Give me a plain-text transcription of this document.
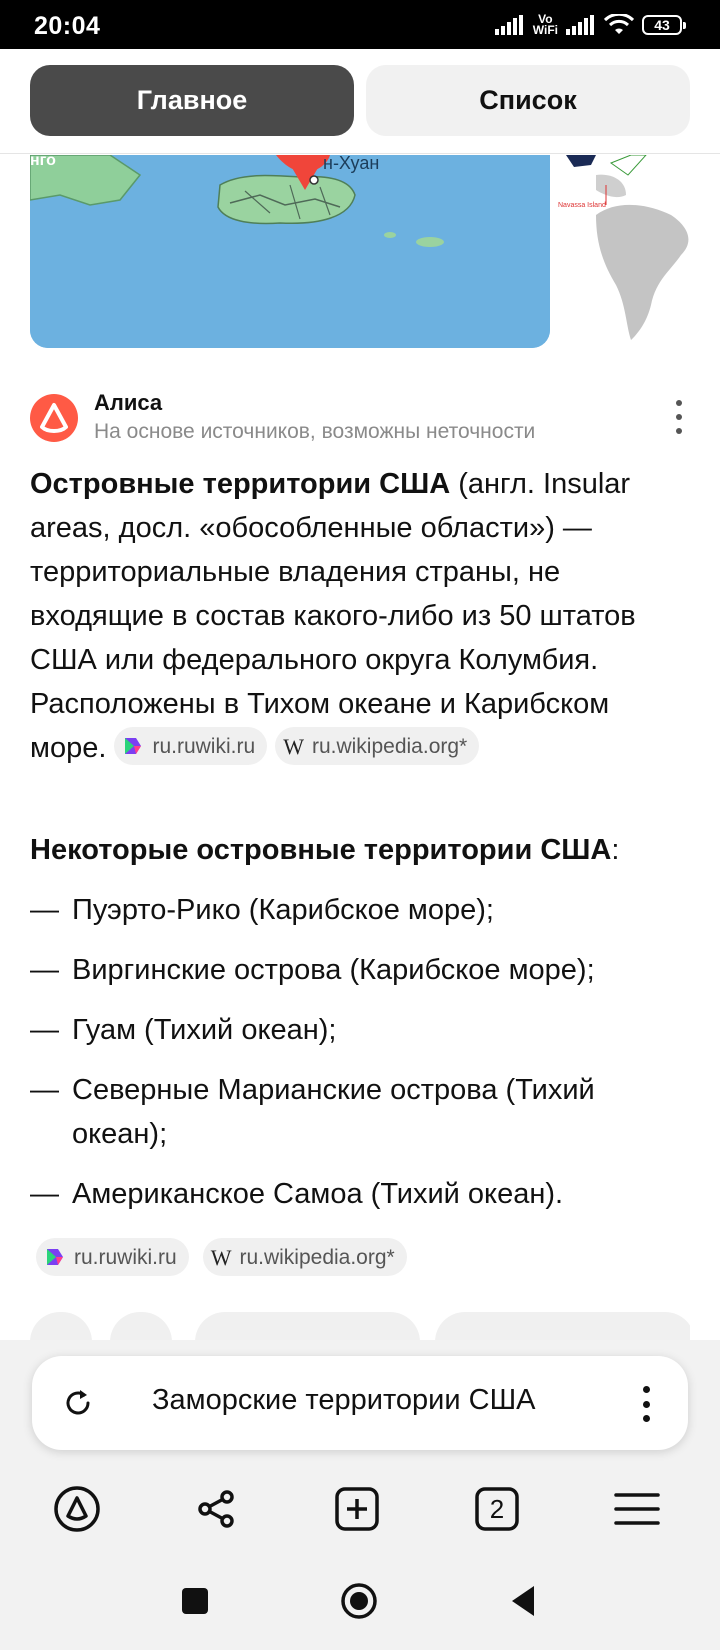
20:04	Vo
WiFi	43
Главное	Список
н-Хуан
нго
Navassa Island
Алиса
На основе источников, возможны неточности
Островные территории США (англ. Insular areas, досл. «обособленные области») — территориальные владения страны, не входящие в состав какого-либо из 50 штатов США или федерального округа Колумбия. Расположены в Тихом океане и Карибском море. ru.ruwiki.ru
W ru.wikipedia.org*
Некоторые островные территории США:
— Пуэрто-Рико (Карибское море);
— Виргинские острова (Карибское море);
— Гуам (Тихий океан);
— Северные Марианские острова (Тихий океан);
— Американское Самоа (Тихий океан).
ru.ruwiki.ru W ru.wikipedia.org*
Заморские территории США
2
